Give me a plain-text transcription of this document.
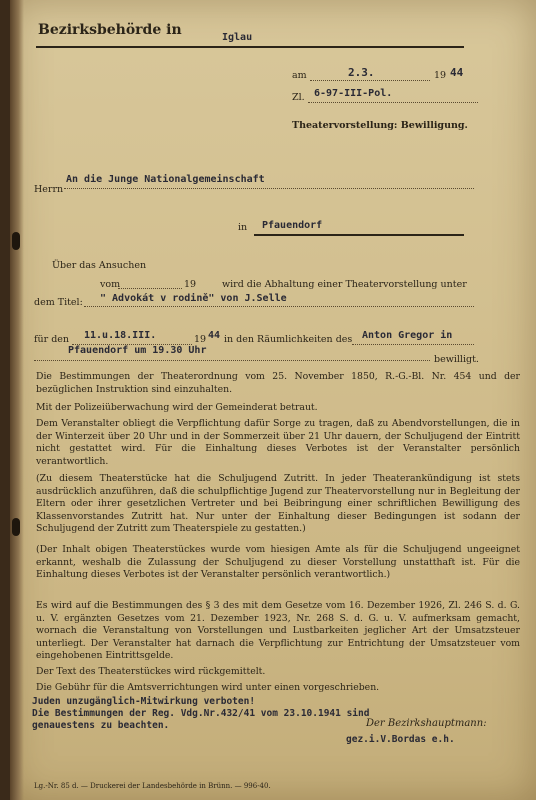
Bezirksbehörde in	Iglau
am	2.3.	19 44
Zl. 6-97-III-Pol.
Theatervorstellung: Bewilligung.
Herrn
An die Junge Nationalgemeinschaft
in Pfauendorf
Über das Ansuchen
vom	19	wird die Abhaltung einer Theatervorstellung unter
dem Titel: " Advokát v rodině" von J.Selle
für den 11.u.18.III.	19 44 in den Räumlichkeiten des Anton Gregor in
Pfauendorf um 19.30 Uhr
bewilligt.
Die Bestimmungen der Theaterordnung vom 25. November 1850, R.-G.-Bl. Nr. 454 und der bezüglichen Instruktion sind einzuhalten.
Mit der Polizeiüberwachung wird der Gemeinderat betraut.
Dem Veranstalter obliegt die Verpflichtung dafür Sorge zu tragen, daß zu Abendvorstellungen, die in der Winterzeit über 20 Uhr und in der Sommerzeit über 21 Uhr dauern, der Schuljugend der Eintritt nicht gestattet wird. Für die Einhaltung dieses Verbotes ist der Veranstalter persönlich verantwortlich.
(Zu diesem Theaterstücke hat die Schuljugend Zutritt. In jeder Theaterankündigung ist stets ausdrücklich anzuführen, daß die schulpflichtige Jugend zur Theatervorstellung nur in Begleitung der Eltern oder ihrer gesetzlichen Vertreter und bei Beibringung einer schriftlichen Bewilligung des Klassenvorstandes Zutritt hat. Nur unter der Einhaltung dieser Bedingungen ist sodann der Schuljugend der Zutritt zum Theaterspiele zu gestatten.)
(Der Inhalt obigen Theaterstückes wurde vom hiesigen Amte als für die Schuljugend ungeeignet erkannt, weshalb die Zulassung der Schuljugend zu dieser Vorstellung unstatthaft ist. Für die Einhaltung dieses Verbotes ist der Veranstalter persönlich verantwortlich.)
Es wird auf die Bestimmungen des § 3 des mit dem Gesetze vom 16. Dezember 1926, Zl. 246 S. d. G. u. V. ergänzten Gesetzes vom 21. Dezember 1923, Nr. 268 S. d. G. u. V. aufmerksam gemacht, wornach die Veranstaltung von Vorstellungen und Lustbarkeiten jeglicher Art der Umsatzsteuer unterliegt. Der Veranstalter hat darnach die Verpflichtung zur Entrichtung der Umsatzsteuer vom eingehobenen Eintrittsgelde.
Der Text des Theaterstückes wird rückgemittelt.
Die Gebühr für die Amtsverrichtungen wird unter einen vorgeschrieben.
Juden unzugänglich-Mitwirkung verboten!
Die Bestimmungen der Reg. Vdg.Nr.432/41 vom 23.10.1941 sind genauestens zu beachten.	Der Bezirkshauptmann:
gez.i.V.Bordas e.h.
Lg.-Nr. 85 d. — Druckerei der Landesbehörde in Brünn. — 996-40.
